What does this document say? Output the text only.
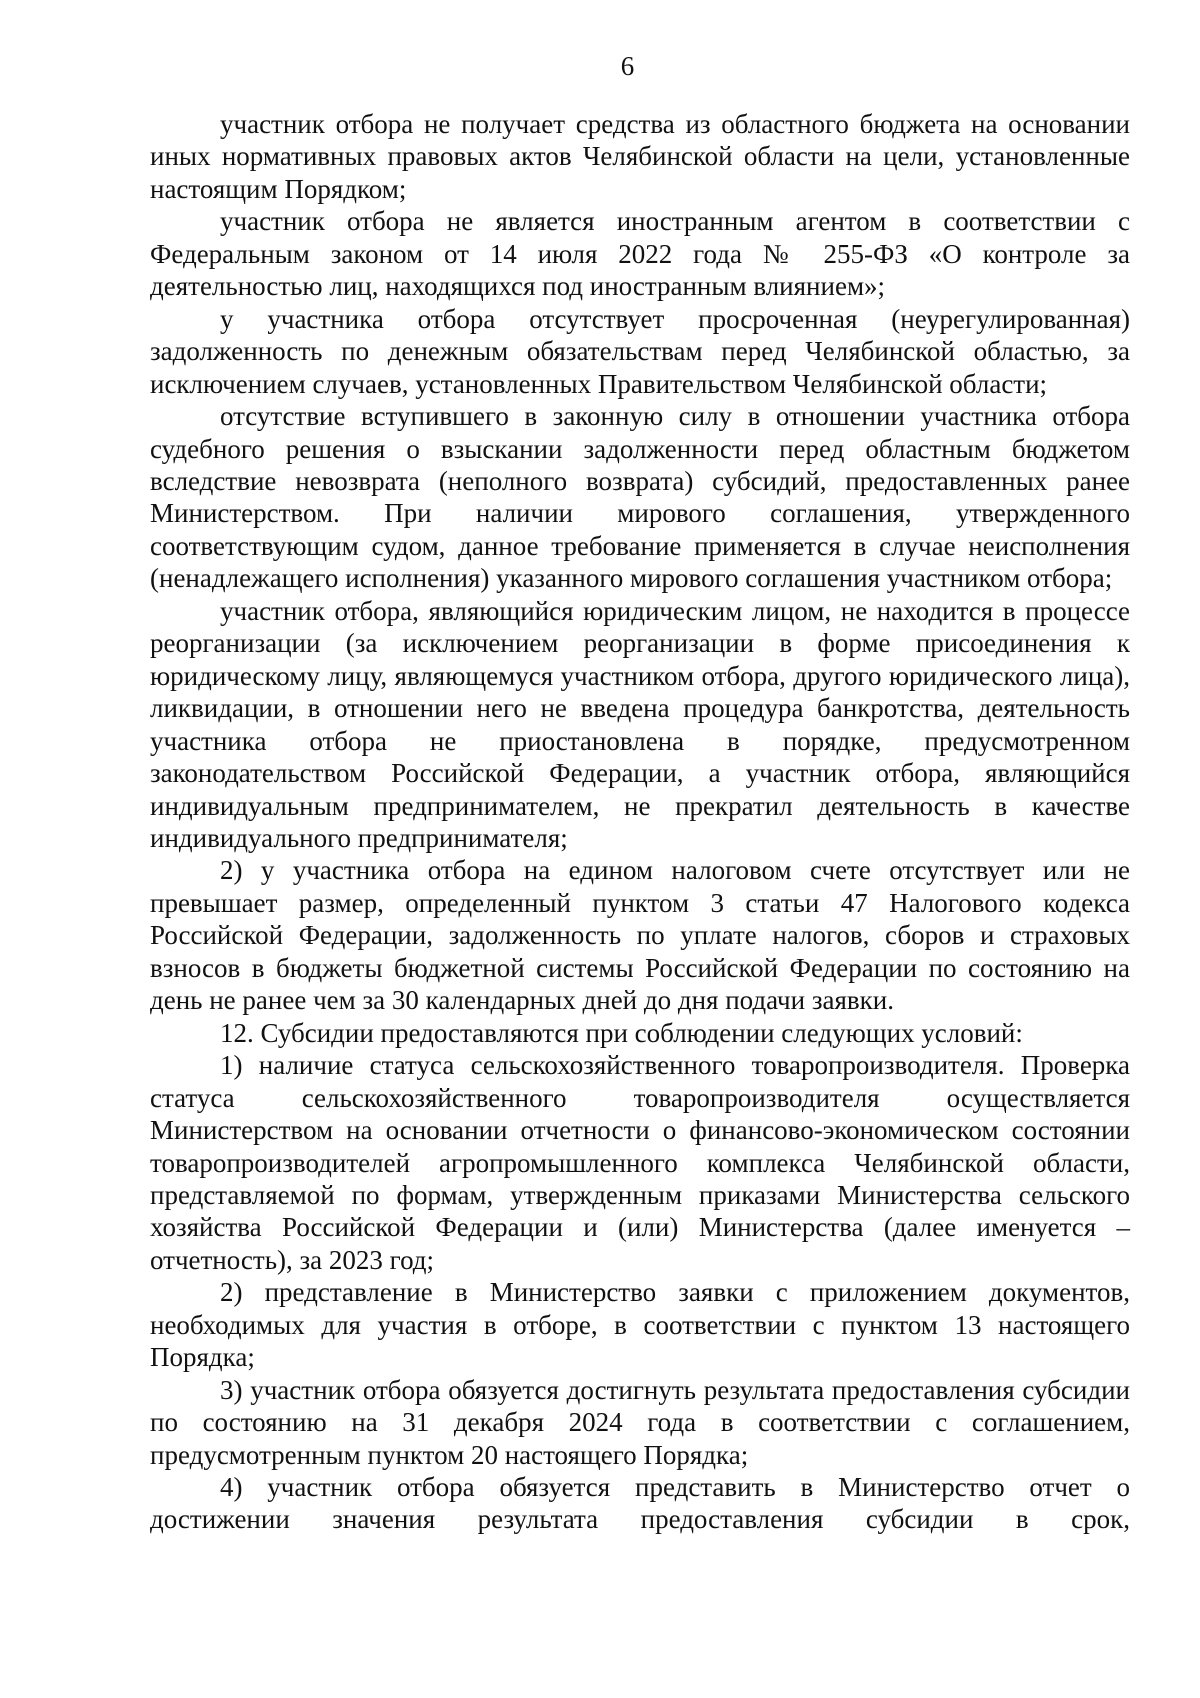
6

участник отбора не получает средства из областного бюджета на основании иных нормативных правовых актов Челябинской области на цели, установленные настоящим Порядком;

участник отбора не является иностранным агентом в соответствии с Федеральным законом от 14 июля 2022 года № 255-ФЗ «О контроле за деятельностью лиц, находящихся под иностранным влиянием»;

у участника отбора отсутствует просроченная (неурегулированная) задолженность по денежным обязательствам перед Челябинской областью, за исключением случаев, установленных Правительством Челябинской области;

отсутствие вступившего в законную силу в отношении участника отбора судебного решения о взыскании задолженности перед областным бюджетом вследствие невозврата (неполного возврата) субсидий, предоставленных ранее Министерством. При наличии мирового соглашения, утвержденного соответствующим судом, данное требование применяется в случае неисполнения (ненадлежащего исполнения) указанного мирового соглашения участником отбора;

участник отбора, являющийся юридическим лицом, не находится в процессе реорганизации (за исключением реорганизации в форме присоединения к юридическому лицу, являющемуся участником отбора, другого юридического лица), ликвидации, в отношении него не введена процедура банкротства, деятельность участника отбора не приостановлена в порядке, предусмотренном законодательством Российской Федерации, а участник отбора, являющийся индивидуальным предпринимателем, не прекратил деятельность в качестве индивидуального предпринимателя;

2) у участника отбора на едином налоговом счете отсутствует или не превышает размер, определенный пунктом 3 статьи 47 Налогового кодекса Российской Федерации, задолженность по уплате налогов, сборов и страховых взносов в бюджеты бюджетной системы Российской Федерации по состоянию на день не ранее чем за 30 календарных дней до дня подачи заявки.

12. Субсидии предоставляются при соблюдении следующих условий:

1) наличие статуса сельскохозяйственного товаропроизводителя. Проверка статуса сельскохозяйственного товаропроизводителя осуществляется Министерством на основании отчетности о финансово-экономическом состоянии товаропроизводителей агропромышленного комплекса Челябинской области, представляемой по формам, утвержденным приказами Министерства сельского хозяйства Российской Федерации и (или) Министерства (далее именуется – отчетность), за 2023 год;

2) представление в Министерство заявки с приложением документов, необходимых для участия в отборе, в соответствии с пунктом 13 настоящего Порядка;

3) участник отбора обязуется достигнуть результата предоставления субсидии по состоянию на 31 декабря 2024 года в соответствии с соглашением, предусмотренным пунктом 20 настоящего Порядка;

4) участник отбора обязуется представить в Министерство отчет о достижении значения результата предоставления субсидии в срок,
